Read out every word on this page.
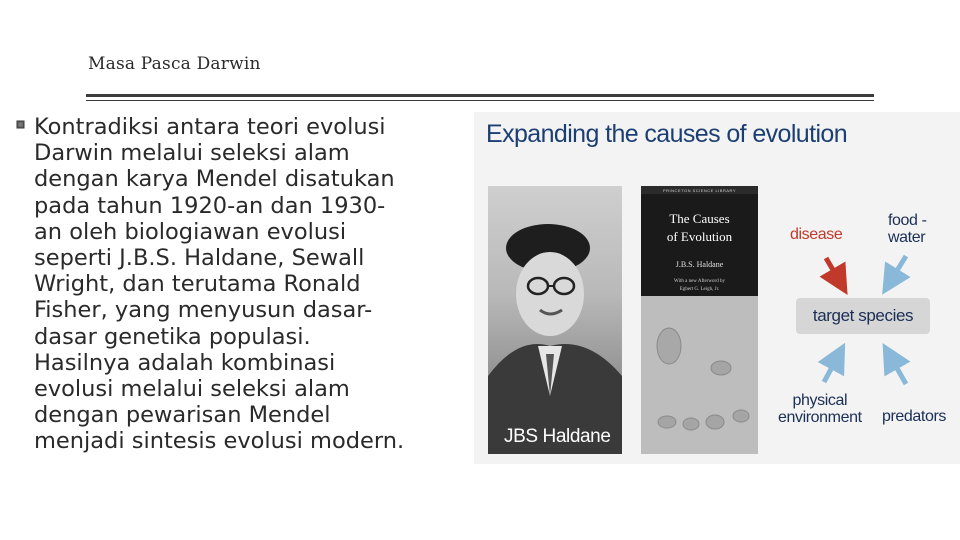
Masa Pasca Darwin
Kontradiksi antara teori evolusi
Darwin melalui seleksi alam
dengan karya Mendel disatukan
pada tahun 1920-an dan 1930-
an oleh biologiawan evolusi
seperti J.B.S. Haldane, Sewall
Wright, dan terutama Ronald
Fisher, yang menyusun dasar-
dasar genetika populasi.
Hasilnya adalah kombinasi
evolusi melalui seleksi alam
dengan pewarisan Mendel
menjadi sintesis evolusi modern.
Expanding the causes of evolution
JBS Haldane
PRINCETON SCIENCE LIBRARY
The Causes
of Evolution
J.B.S. Haldane
With a new Afterword by
Egbert G. Leigh, Jr.
disease
food -
water
target species
physical
environment predators
